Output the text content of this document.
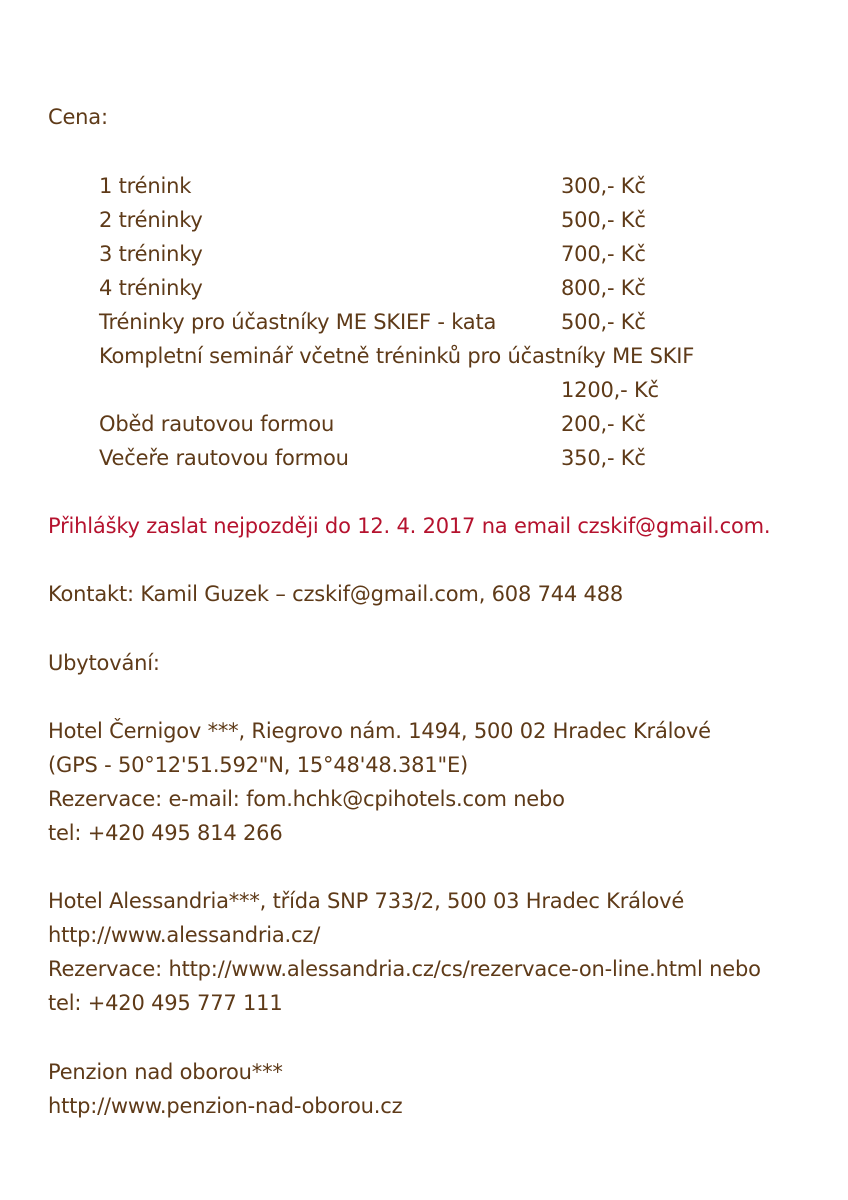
Cena:
1 trénink	300,- Kč
2 tréninky	500,- Kč
3 tréninky	700,- Kč
4 tréninky	800,- Kč
Tréninky pro účastníky ME SKIEF - kata	500,- Kč
Kompletní seminář včetně tréninků pro účastníky ME SKIF
1200,- Kč
Oběd rautovou formou	200,- Kč
Večeře rautovou formou	350,- Kč
Přihlášky zaslat nejpozději do 12. 4. 2017 na email czskif@gmail.com.
Kontakt: Kamil Guzek – czskif@gmail.com, 608 744 488
Ubytování:
Hotel Černigov ***, Riegrovo nám. 1494, 500 02 Hradec Králové
(GPS - 50°12'51.592"N, 15°48'48.381"E)
Rezervace: e-mail: fom.hchk@cpihotels.com nebo
tel: +420 495 814 266
Hotel Alessandria***, třída SNP 733/2, 500 03 Hradec Králové
http://www.alessandria.cz/
Rezervace: http://www.alessandria.cz/cs/rezervace-on-line.html nebo
tel: +420 495 777 111
Penzion nad oborou***
http://www.penzion-nad-oborou.cz
